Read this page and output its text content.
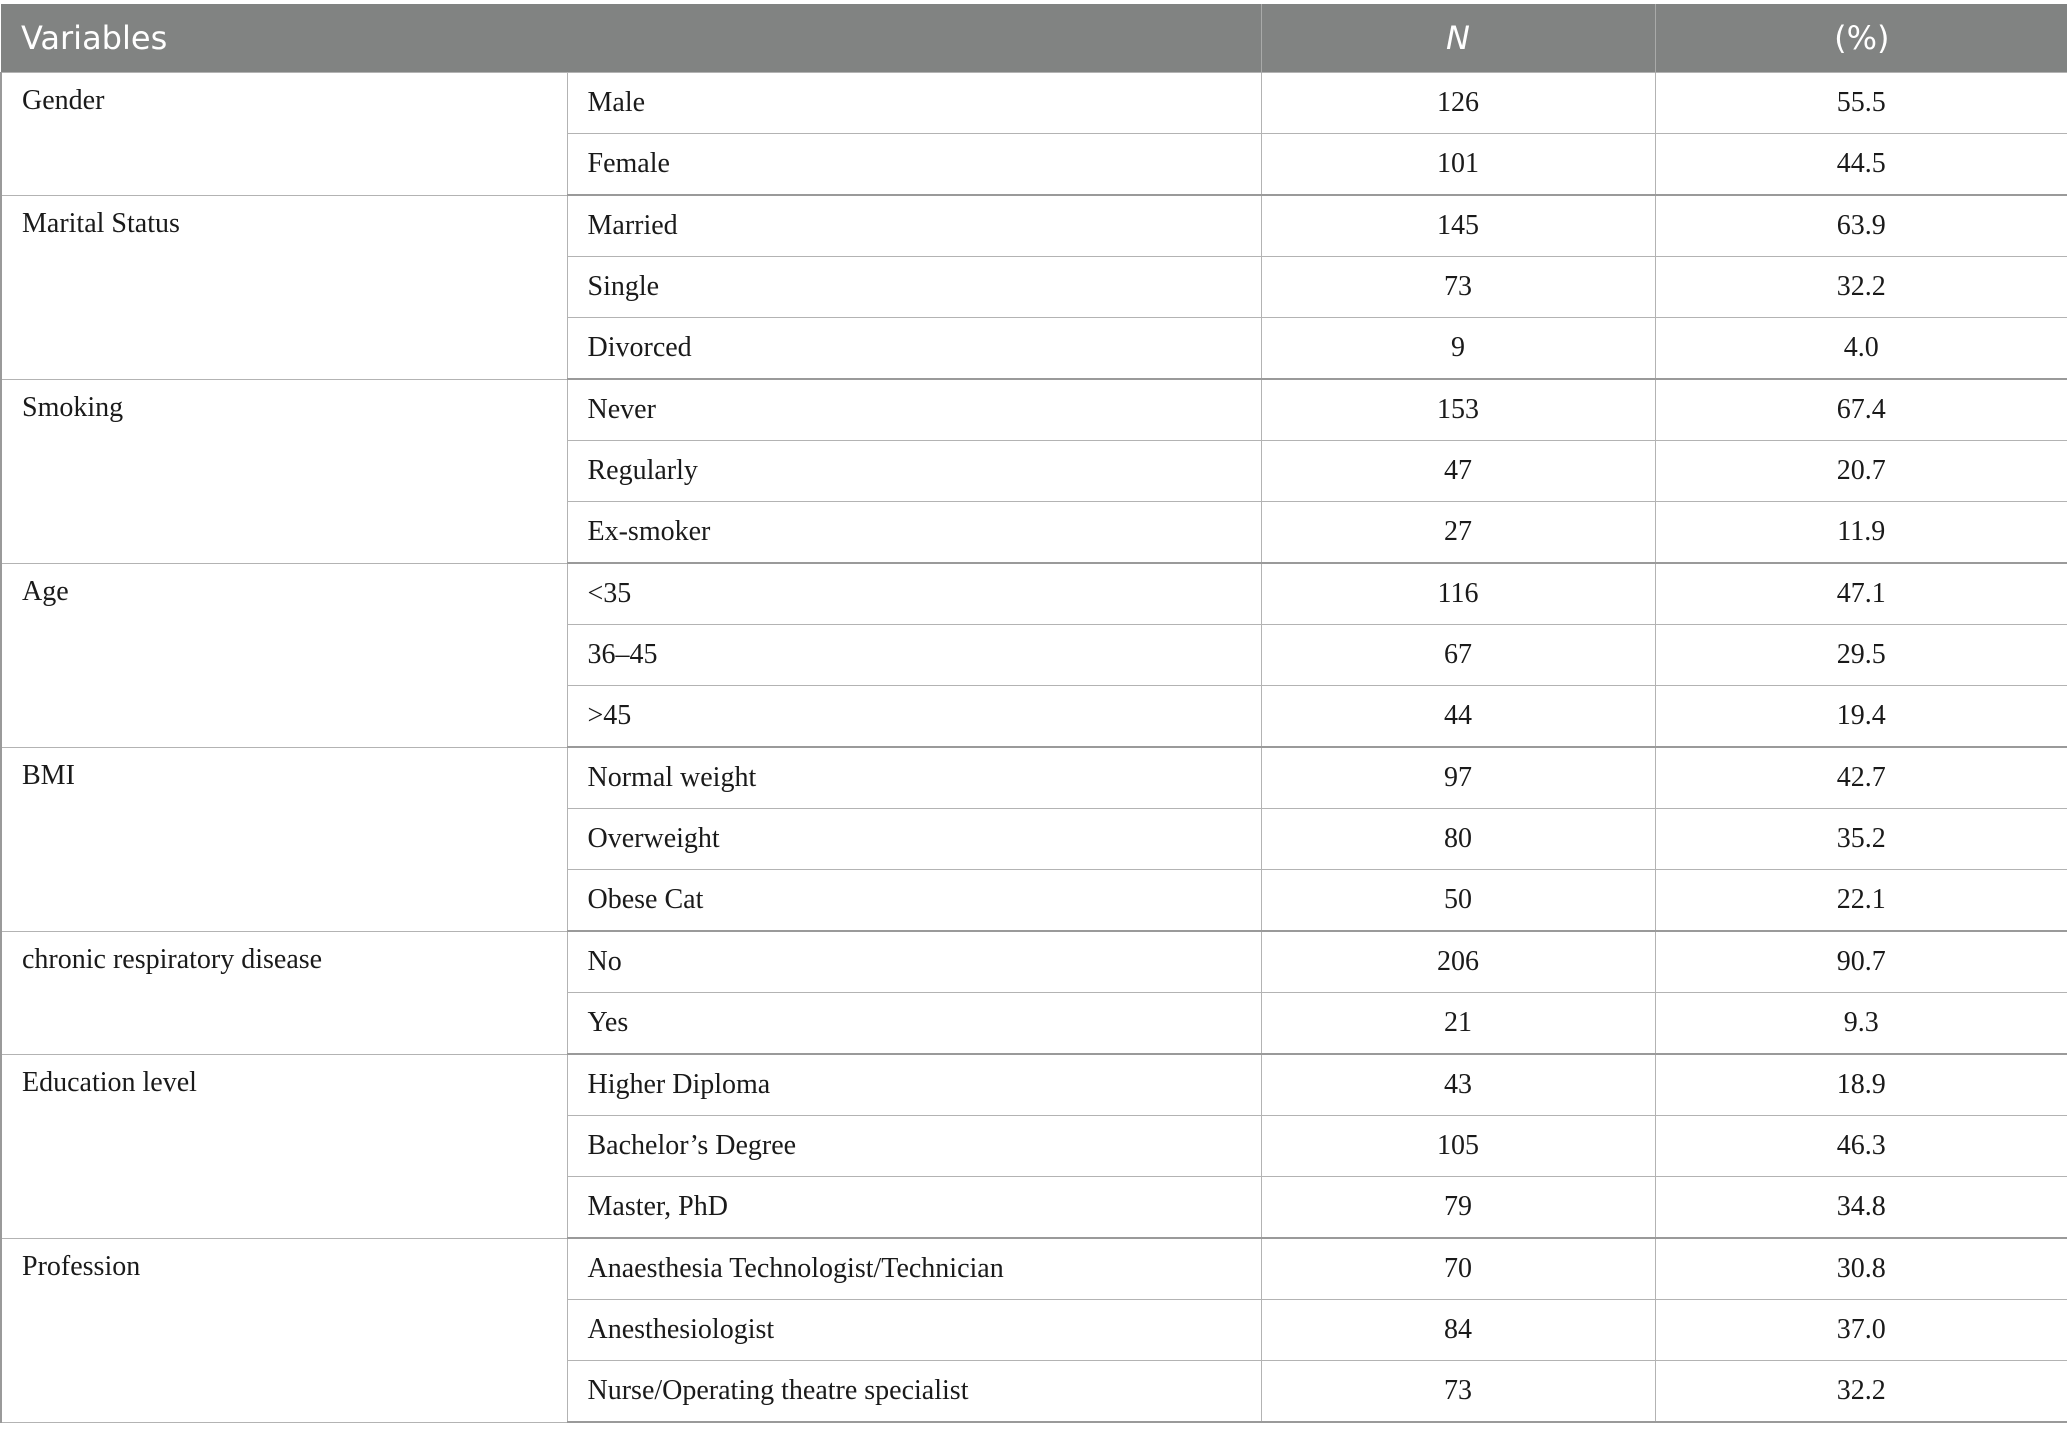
Variables		N	(%)
Gender	Male	126	55.5
	Female	101	44.5
Marital Status	Married	145	63.9
	Single	73	32.2
	Divorced	9	4.0
Smoking	Never	153	67.4
	Regularly	47	20.7
	Ex-smoker	27	11.9
Age	<35	116	47.1
	36–45	67	29.5
	>45	44	19.4
BMI	Normal weight	97	42.7
	Overweight	80	35.2
	Obese Cat	50	22.1
chronic respiratory disease	No	206	90.7
	Yes	21	9.3
Education level	Higher Diploma	43	18.9
	Bachelor’s Degree	105	46.3
	Master, PhD	79	34.8
Profession	Anaesthesia Technologist/Technician	70	30.8
	Anesthesiologist	84	37.0
	Nurse/Operating theatre specialist	73	32.2
